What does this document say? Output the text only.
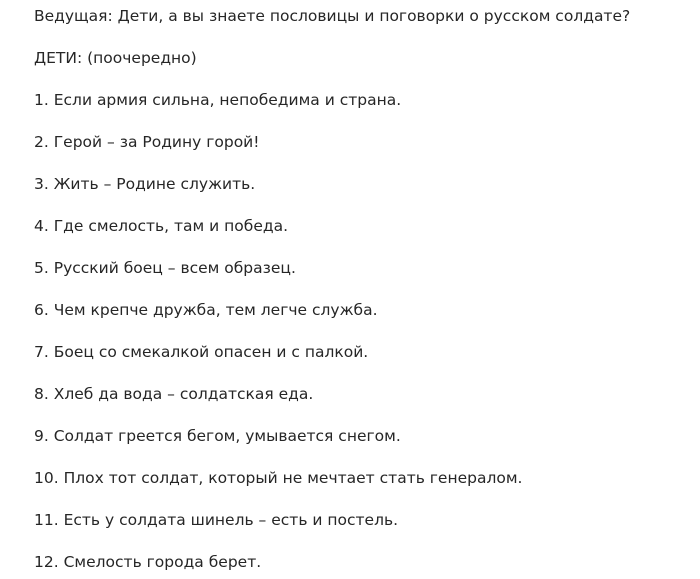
Ведущая: Дети, а вы знаете пословицы и поговорки о русском солдате?
ДЕТИ: (поочередно)
1. Если армия сильна, непобедима и страна.
2. Герой – за Родину горой!
3. Жить – Родине служить.
4. Где смелость, там и победа.
5. Русский боец – всем образец.
6. Чем крепче дружба, тем легче служба.
7. Боец со смекалкой опасен и с палкой.
8. Хлеб да вода – солдатская еда.
9. Солдат греется бегом, умывается снегом.
10. Плох тот солдат, который не мечтает стать генералом.
11. Есть у солдата шинель – есть и постель.
12. Смелость города берет.
